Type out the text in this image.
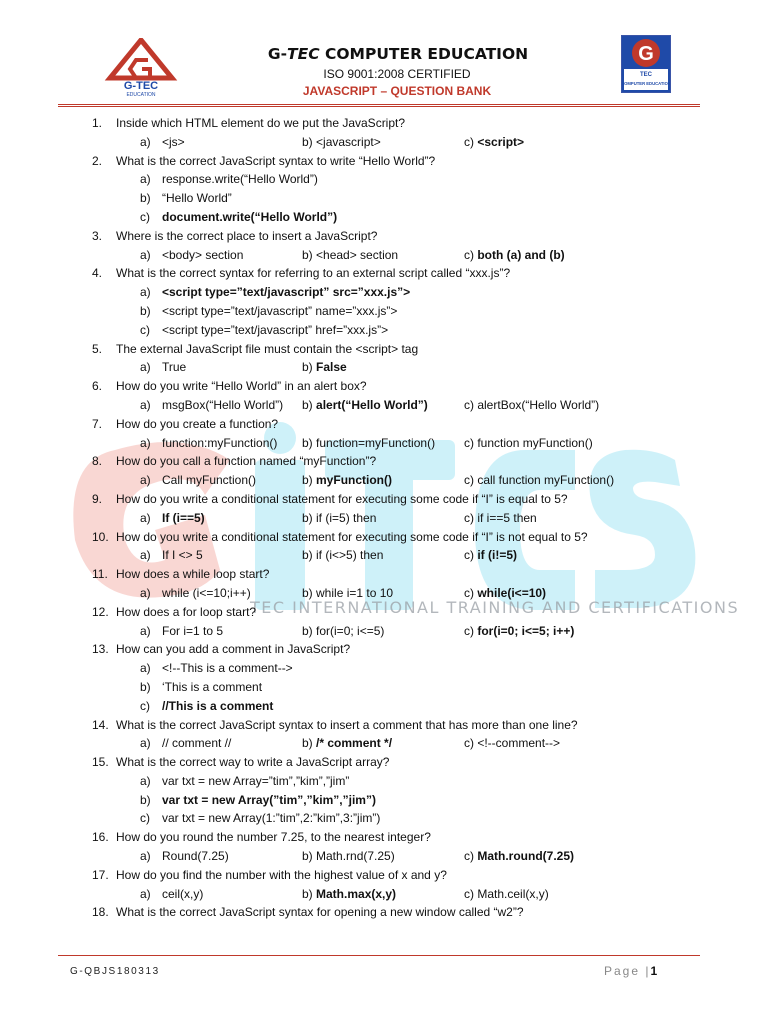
G-TEC
EDUCATION
G-TEC COMPUTER EDUCATION
ISO 9001:2008 CERTIFIED
JAVASCRIPT – QUESTION BANK
G
TEC
COMPUTER EDUCATION
TEC INTERNATIONAL TRAINING AND CERTIFICATIONS
1. Inside which HTML element do we put the JavaScript?
a) <js>	b) <javascript>	c) <script>
2. What is the correct JavaScript syntax to write “Hello World”?
a) response.write(“Hello World”)
b) “Hello World”
c) document.write(“Hello World”)
3. Where is the correct place to insert a JavaScript?
a) <body> section	b) <head> section	c) both (a) and (b)
4. What is the correct syntax for referring to an external script called “xxx.js”?
a) <script type=”text/javascript” src=”xxx.js”>
b) <script type=”text/javascript” name=”xxx.js”>
c) <script type=”text/javascript” href=”xxx.js”>
5. The external JavaScript file must contain the <script> tag
a) True	b) False
6. How do you write “Hello World” in an alert box?
a) msgBox(“Hello World”) b) alert(“Hello World”)	c) alertBox(“Hello World”)
7. How do you create a function?
a) function:myFunction() b) function=myFunction() c) function myFunction()
8. How do you call a function named “myFunction”?
a) Call myFunction()	b) myFunction()	c) call function myFunction()
9. How do you write a conditional statement for executing some code if “I” is equal to 5?
a) If (i==5)	b) if (i=5) then	c) if i==5 then
10. How do you write a conditional statement for executing some code if “I” is not equal to 5?
a) If I <> 5	b) if (i<>5) then	c) if (i!=5)
11. How does a while loop start?
a) while (i<=10;i++)	b) while i=1 to 10	c) while(i<=10)
12. How does a for loop start?
a) For i=1 to 5	b) for(i=0; i<=5)	c) for(i=0; i<=5; i++)
13. How can you add a comment in JavaScript?
a) <!--This is a comment-->
b) ‘This is a comment
c) //This is a comment
14. What is the correct JavaScript syntax to insert a comment that has more than one line?
a) // comment //	b) /* comment */	c) <!--comment-->
15. What is the correct way to write a JavaScript array?
a) var txt = new Array=”tim”,”kim”,”jim”
b) var txt = new Array(”tim”,”kim”,”jim”)
c) var txt = new Array(1:”tim”,2:”kim”,3:”jim”)
16. How do you round the number 7.25, to the nearest integer?
a) Round(7.25)	b) Math.rnd(7.25)	c) Math.round(7.25)
17. How do you find the number with the highest value of x and y?
a) ceil(x,y)	b) Math.max(x,y)	c) Math.ceil(x,y)
18. What is the correct JavaScript syntax for opening a new window called “w2”?
G-QBJS180313	Page |1
